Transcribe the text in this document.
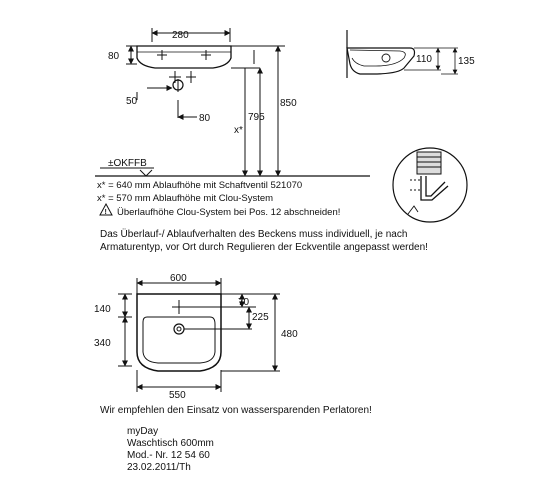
280
80
50
80
850
795
x*
±OKFFB
110	135
x* = 640 mm Ablaufhöhe mit Schaftventil 521070
x* = 570 mm Ablaufhöhe mit Clou-System
! Überlaufhöhe Clou-System bei Pos. 12 abschneiden!
Das Überlauf-/ Ablaufverhalten des Beckens muss individuell, je nach
Armaturentyp, vor Ort durch Regulieren der Eckventile angepasst werden!
600
140
340
70
225
480
550
Wir empfehlen den Einsatz von wassersparenden Perlatoren!
myDay
Waschtisch 600mm
Mod.- Nr. 12 54 60
23.02.2011/Th
